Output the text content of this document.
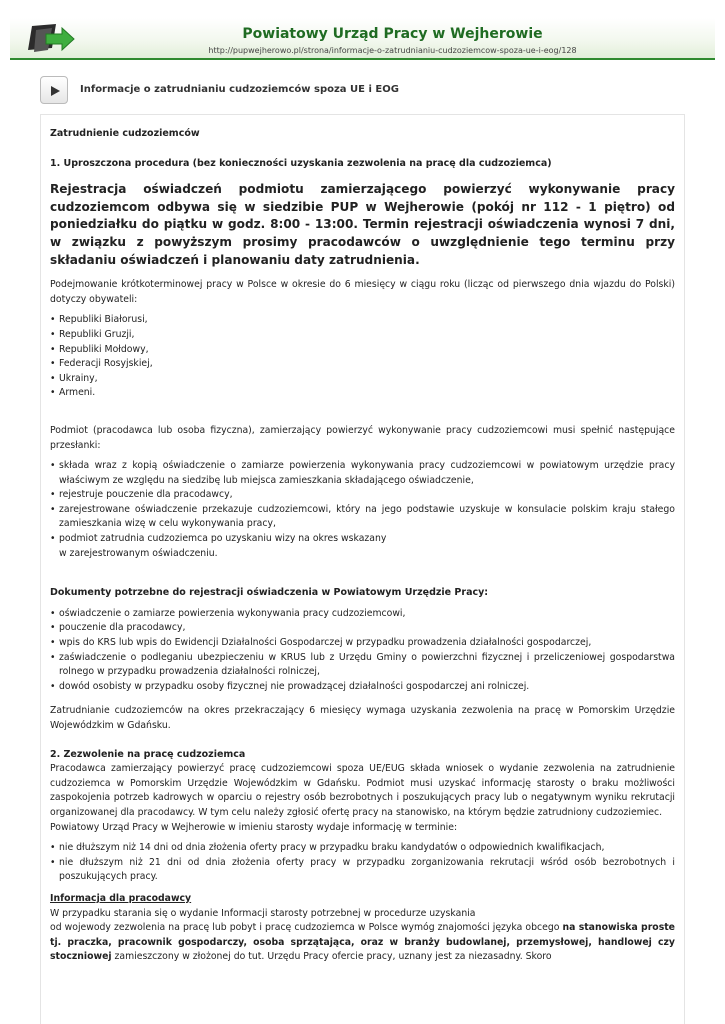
Powiatowy Urząd Pracy w Wejherowie
http://pupwejherowo.pl/strona/informacje-o-zatrudnianiu-cudzoziemcow-spoza-ue-i-eog/128
Informacje o zatrudnianiu cudzoziemców spoza UE i EOG

Zatrudnienie cudzoziemców

1. Uproszczona procedura (bez konieczności uzyskania zezwolenia na pracę dla cudzoziemca)

Rejestracja oświadczeń podmiotu zamierzającego powierzyć wykonywanie pracy cudzoziemcom odbywa się w siedzibie PUP w Wejherowie (pokój nr 112 - 1 piętro) od poniedziałku do piątku w godz. 8:00 - 13:00. Termin rejestracji oświadczenia wynosi 7 dni, w związku z powyższym prosimy pracodawców o uwzględnienie tego terminu przy składaniu oświadczeń i planowaniu daty zatrudnienia.

Podejmowanie krótkoterminowej pracy w Polsce w okresie do 6 miesięcy w ciągu roku (licząc od pierwszego dnia wjazdu do Polski) dotyczy obywateli:

• Republiki Białorusi,
• Republiki Gruzji,
• Republiki Mołdowy,
• Federacji Rosyjskiej,
• Ukrainy,
• Armeni.

Podmiot (pracodawca lub osoba fizyczna), zamierzający powierzyć wykonywanie pracy cudzoziemcowi musi spełnić następujące przesłanki:

• składa wraz z kopią oświadczenie o zamiarze powierzenia wykonywania pracy cudzoziemcowi w powiatowym urzędzie pracy właściwym ze względu na siedzibę lub miejsca zamieszkania składającego oświadczenie,
• rejestruje pouczenie dla pracodawcy,
• zarejestrowane oświadczenie przekazuje cudzoziemcowi, który na jego podstawie uzyskuje w konsulacie polskim kraju stałego zamieszkania wizę w celu wykonywania pracy,
• podmiot zatrudnia cudzoziemca po uzyskaniu wizy na okres wskazany
w zarejestrowanym oświadczeniu.

Dokumenty potrzebne do rejestracji oświadczenia w Powiatowym Urzędzie Pracy:

• oświadczenie o zamiarze powierzenia wykonywania pracy cudzoziemcowi,
• pouczenie dla pracodawcy,
• wpis do KRS lub wpis do Ewidencji Działalności Gospodarczej w przypadku prowadzenia działalności gospodarczej,
• zaświadczenie o podleganiu ubezpieczeniu w KRUS lub z Urzędu Gminy o powierzchni fizycznej i przeliczeniowej gospodarstwa rolnego w przypadku prowadzenia działalności rolniczej,
• dowód osobisty w przypadku osoby fizycznej nie prowadzącej działalności gospodarczej ani rolniczej.

Zatrudnianie cudzoziemców na okres przekraczający 6 miesięcy wymaga uzyskania zezwolenia na pracę w Pomorskim Urzędzie Wojewódzkim w Gdańsku.

2. Zezwolenie na pracę cudzoziemca

Pracodawca zamierzający powierzyć pracę cudzoziemcowi spoza UE/EUG składa wniosek o wydanie zezwolenia na zatrudnienie cudzoziemca w Pomorskim Urzędzie Wojewódzkim w Gdańsku. Podmiot musi uzyskać informację starosty o braku możliwości zaspokojenia potrzeb kadrowych w oparciu o rejestry osób bezrobotnych i poszukujących pracy lub o negatywnym wyniku rekrutacji organizowanej dla pracodawcy. W tym celu należy zgłosić ofertę pracy na stanowisko, na którym będzie zatrudniony cudzoziemiec.

Powiatowy Urząd Pracy w Wejherowie w imieniu starosty wydaje informację w terminie:

• nie dłuższym niż 14 dni od dnia złożenia oferty pracy w przypadku braku kandydatów o odpowiednich kwalifikacjach,
• nie dłuższym niż 21 dni od dnia złożenia oferty pracy w przypadku zorganizowania rekrutacji wśród osób bezrobotnych i poszukujących pracy.

Informacja dla pracodawcy

W przypadku starania się o wydanie Informacji starosty potrzebnej w procedurze uzyskania

od wojewody zezwolenia na pracę lub pobyt i pracę cudzoziemca w Polsce wymóg znajomości języka obcego na stanowiska proste tj. praczka, pracownik gospodarczy, osoba sprzątająca, oraz w branży budowlanej, przemysłowej, handlowej czy stoczniowej zamieszczony w złożonej do tut. Urzędu Pracy ofercie pracy, uznany jest za niezasadny. Skoro
